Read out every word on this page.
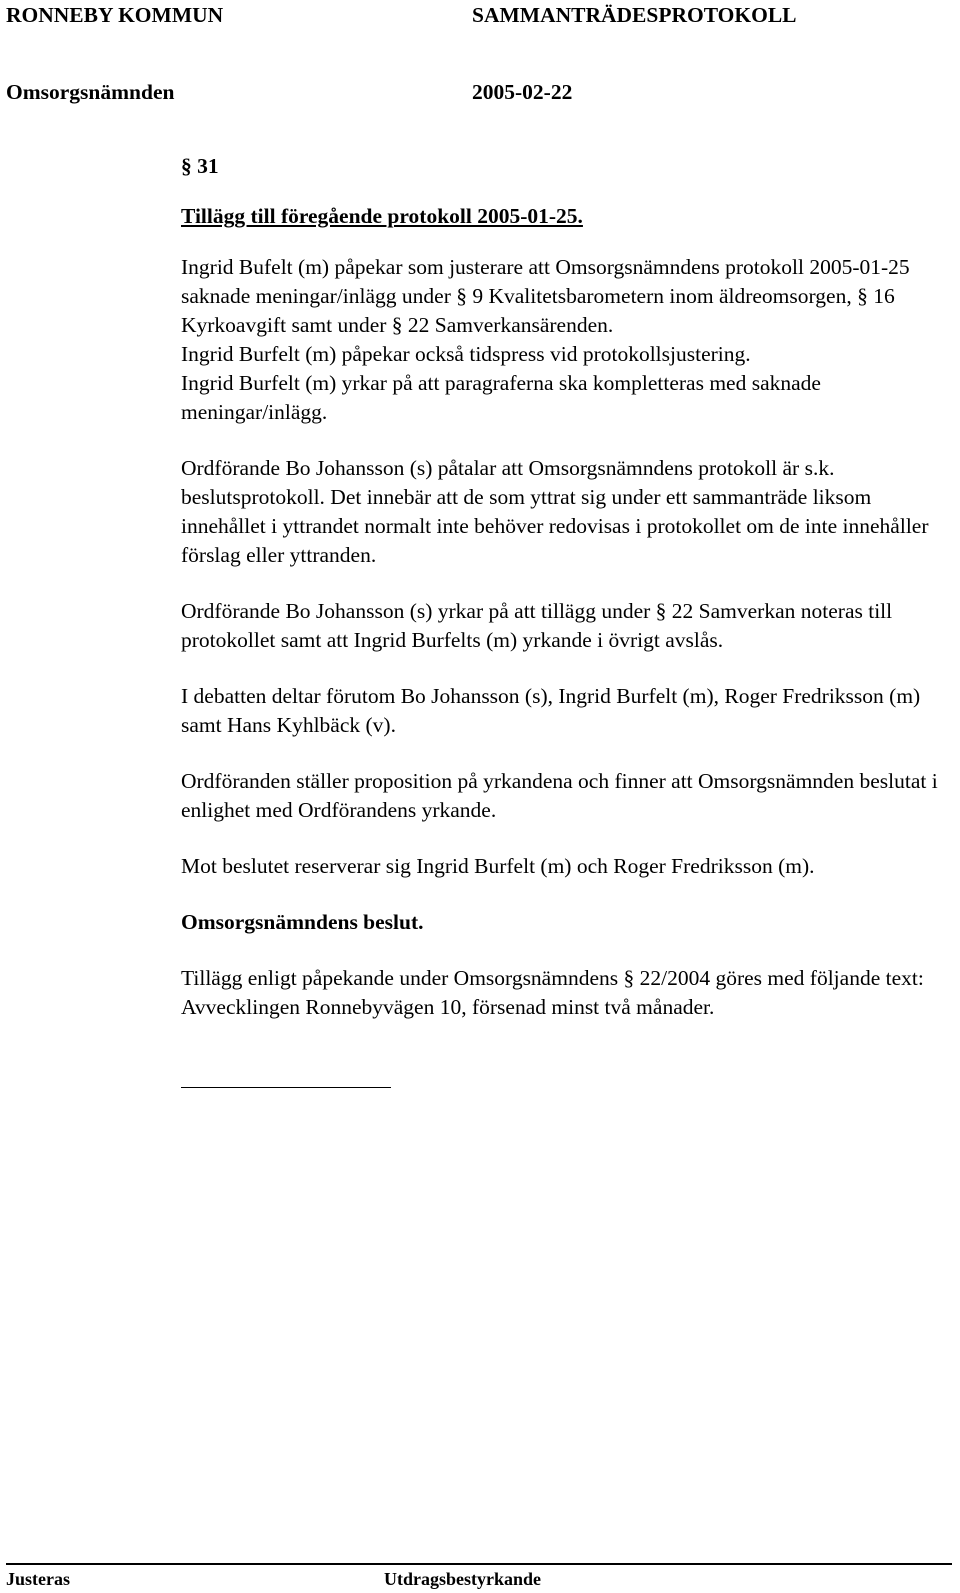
RONNEBY KOMMUN	SAMMANTRÄDESPROTOKOLL
Omsorgsnämnden	2005-02-22

§ 31

Tillägg till föregående protokoll 2005-01-25.

Ingrid Bufelt (m) påpekar som justerare att Omsorgsnämndens protokoll 2005-01-25 saknade meningar/inlägg under § 9 Kvalitetsbarometern inom äldreomsorgen, § 16 Kyrkoavgift samt under § 22 Samverkansärenden.

Ingrid Burfelt (m) påpekar också tidspress vid protokollsjustering.

Ingrid Burfelt (m) yrkar på att paragraferna ska kompletteras med saknade meningar/inlägg.

Ordförande Bo Johansson (s) påtalar att Omsorgsnämndens protokoll är s.k. beslutsprotokoll. Det innebär att de som yttrat sig under ett sammanträde liksom innehållet i yttrandet normalt inte behöver redovisas i protokollet om de inte innehåller förslag eller yttranden.

Ordförande Bo Johansson (s) yrkar på att tillägg under § 22 Samverkan noteras till protokollet samt att Ingrid Burfelts (m) yrkande i övrigt avslås.

I debatten deltar förutom Bo Johansson (s), Ingrid Burfelt (m), Roger Fredriksson (m) samt Hans Kyhlbäck (v).

Ordföranden ställer proposition på yrkandena och finner att Omsorgsnämnden beslutat i enlighet med Ordförandens yrkande.

Mot beslutet reserverar sig Ingrid Burfelt (m) och Roger Fredriksson (m).

Omsorgsnämndens beslut.

Tillägg enligt påpekande under Omsorgsnämndens § 22/2004 göres med följande text: Avvecklingen Ronnebyvägen 10, försenad minst två månader.

Justeras	Utdragsbestyrkande
